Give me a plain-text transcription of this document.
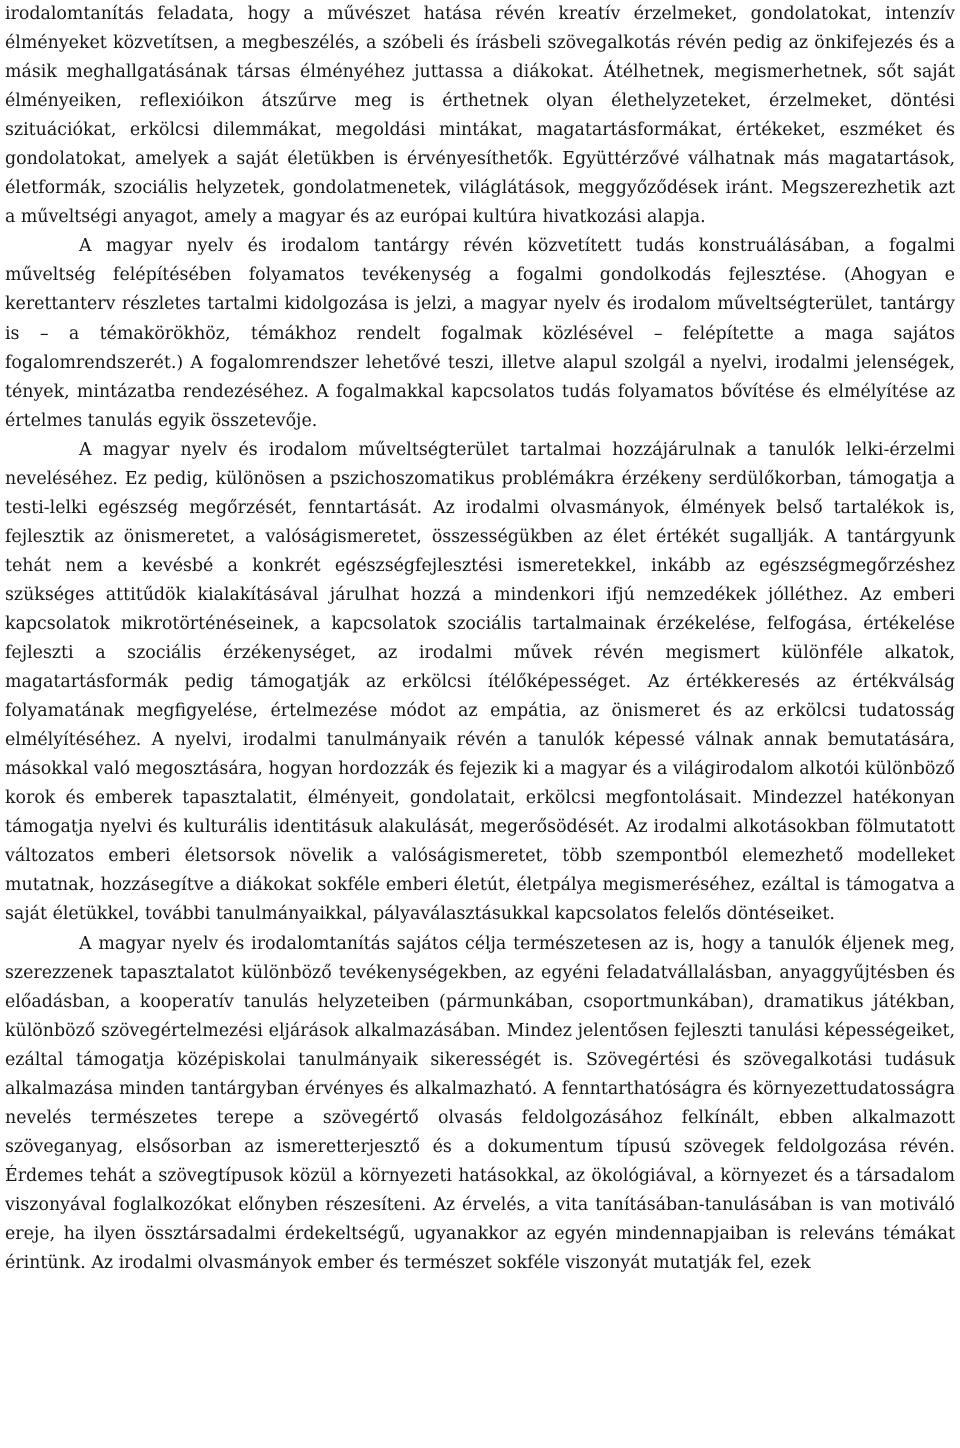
irodalomtanítás feladata, hogy a művészet hatása révén kreatív érzelmeket, gondolatokat, intenzív élményeket közvetítsen, a megbeszélés, a szóbeli és írásbeli szövegalkotás révén pedig az önkifejezés és a másik meghallgatásának társas élményéhez juttassa a diákokat. Átélhetnek, megismerhetnek, sőt saját élményeiken, reflexióikon átszűrve meg is érthetnek olyan élethelyzeteket, érzelmeket, döntési szituációkat, erkölcsi dilemmákat, megoldási mintákat, magatartásformákat, értékeket, eszméket és gondolatokat, amelyek a saját életükben is érvényesíthetők. Együttérzővé válhatnak más magatartások, életformák, szociális helyzetek, gondolatmenetek, világlátások, meggyőződések iránt. Megszerezhetik azt a műveltségi anyagot, amely a magyar és az európai kultúra hivatkozási alapja.

A magyar nyelv és irodalom tantárgy révén közvetített tudás konstruálásában, a fogalmi műveltség felépítésében folyamatos tevékenység a fogalmi gondolkodás fejlesztése. (Ahogyan e kerettanterv részletes tartalmi kidolgozása is jelzi, a magyar nyelv és irodalom műveltségterület, tantárgy is – a témakörökhöz, témákhoz rendelt fogalmak közlésével – felépítette a maga sajátos fogalomrendszerét.) A fogalomrendszer lehetővé teszi, illetve alapul szolgál a nyelvi, irodalmi jelenségek, tények, mintázatba rendezéséhez. A fogalmakkal kapcsolatos tudás folyamatos bővítése és elmélyítése az értelmes tanulás egyik összetevője.

A magyar nyelv és irodalom műveltségterület tartalmai hozzájárulnak a tanulók lelki-érzelmi neveléséhez. Ez pedig, különösen a pszichoszomatikus problémákra érzékeny serdülőkorban, támogatja a testi-lelki egészség megőrzését, fenntartását. Az irodalmi olvasmányok, élmények belső tartalékok is, fejlesztik az önismeretet, a valóságismeretet, összességükben az élet értékét sugallják. A tantárgyunk tehát nem a kevésbé a konkrét egészségfejlesztési ismeretekkel, inkább az egészségmegőrzéshez szükséges attitűdök kialakításával járulhat hozzá a mindenkori ifjú nemzedékek jólléthez. Az emberi kapcsolatok mikrotörténéseinek, a kapcsolatok szociális tartalmainak érzékelése, felfogása, értékelése fejleszti a szociális érzékenységet, az irodalmi művek révén megismert különféle alkatok, magatartásformák pedig támogatják az erkölcsi ítélőképességet. Az értékkeresés az értékválság folyamatának megfigyelése, értelmezése módot az empátia, az önismeret és az erkölcsi tudatosság elmélyítéséhez. A nyelvi, irodalmi tanulmányaik révén a tanulók képessé válnak annak bemutatására, másokkal való megosztására, hogyan hordozzák és fejezik ki a magyar és a világirodalom alkotói különböző korok és emberek tapasztalatit, élményeit, gondolatait, erkölcsi megfontolásait. Mindezzel hatékonyan támogatja nyelvi és kulturális identitásuk alakulását, megerősödését. Az irodalmi alkotásokban fölmutatott változatos emberi életsorsok növelik a valóságismeretet, több szempontból elemezhető modelleket mutatnak, hozzásegítve a diákokat sokféle emberi életút, életpálya megismeréséhez, ezáltal is támogatva a saját életükkel, további tanulmányaikkal, pályaválasztásukkal kapcsolatos felelős döntéseiket.

A magyar nyelv és irodalomtanítás sajátos célja természetesen az is, hogy a tanulók éljenek meg, szerezzenek tapasztalatot különböző tevékenységekben, az egyéni feladatvállalásban, anyaggyűjtésben és előadásban, a kooperatív tanulás helyzeteiben (pármunkában, csoportmunkában), dramatikus játékban, különböző szövegértelmezési eljárások alkalmazásában. Mindez jelentősen fejleszti tanulási képességeiket, ezáltal támogatja középiskolai tanulmányaik sikerességét is. Szövegértési és szövegalkotási tudásuk alkalmazása minden tantárgyban érvényes és alkalmazható. A fenntarthatóságra és környezettudatosságra nevelés természetes terepe a szövegértő olvasás feldolgozásához felkínált, ebben alkalmazott szöveganyag, elsősorban az ismeretterjesztő és a dokumentum típusú szövegek feldolgozása révén. Érdemes tehát a szövegtípusok közül a környezeti hatásokkal, az ökológiával, a környezet és a társadalom viszonyával foglalkozókat előnyben részesíteni. Az érvelés, a vita tanításában-tanulásában is van motiváló ereje, ha ilyen össztársadalmi érdekeltségű, ugyanakkor az egyén mindennapjaiban is releváns témákat érintünk. Az irodalmi olvasmányok ember és természet sokféle viszonyát mutatják fel, ezek
